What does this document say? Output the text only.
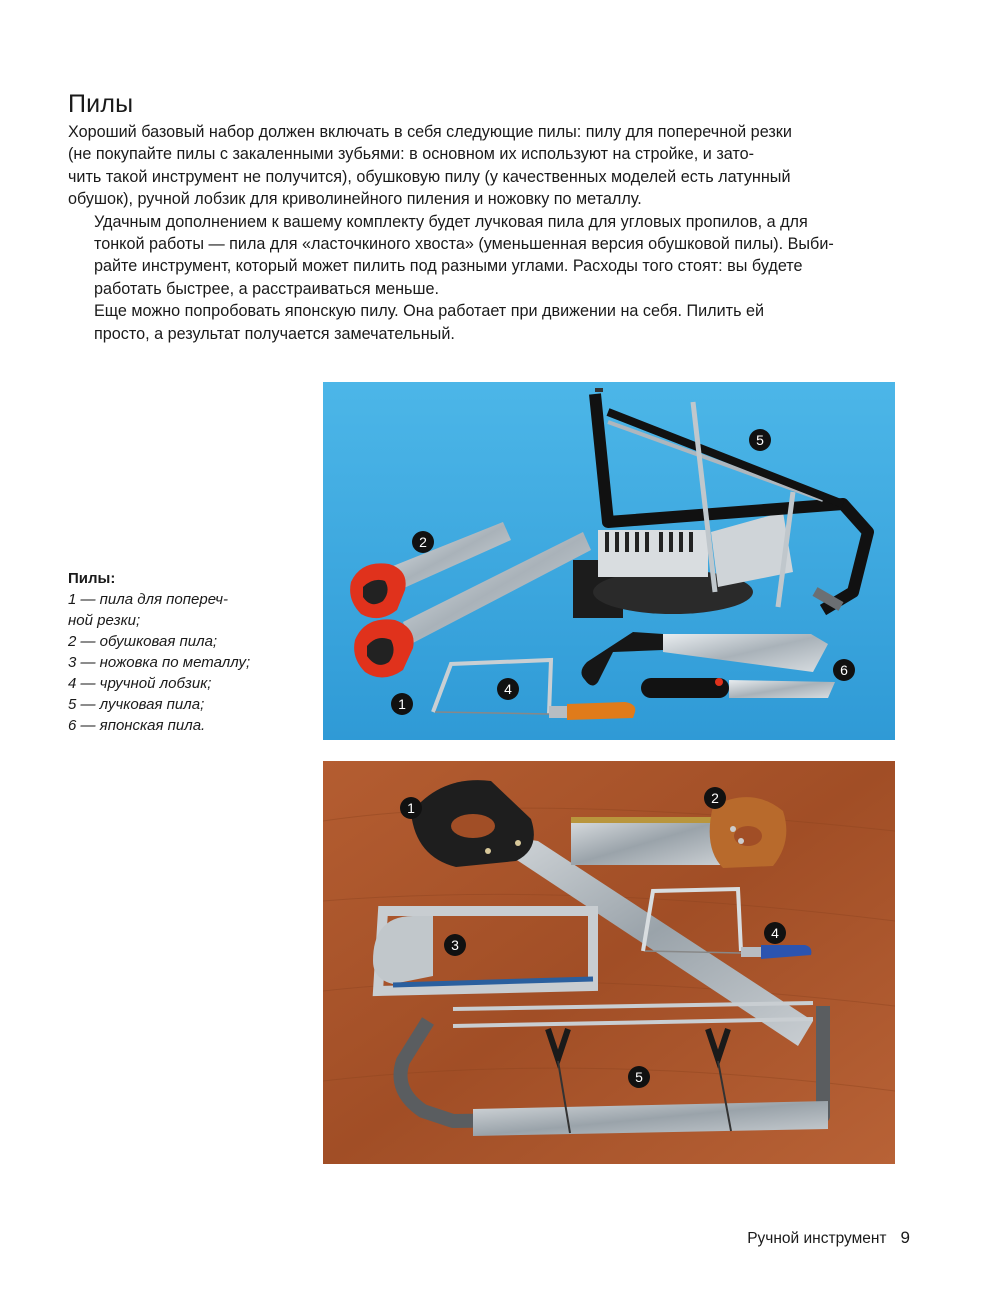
Пилы

Хороший базовый набор должен включать в себя следующие пилы: пилу для поперечной резки
(не покупайте пилы с закаленными зубьями: в основном их используют на стройке, и зато-
чить такой инструмент не получится), обушковую пилу (у качественных моделей есть латунный
обушок), ручной лобзик для криволинейного пиления и ножовку по металлу.

Удачным дополнением к вашему комплекту будет лучковая пила для угловых пропилов, а для
тонкой работы — пила для «ласточкиного хвоста» (уменьшенная версия обушковой пилы). Выби-
райте инструмент, который может пилить под разными углами. Расходы того стоят: вы будете
работать быстрее, а расстраиваться меньше.

Еще можно попробовать японскую пилу. Она работает при движении на себя. Пилить ей
просто, а результат получается замечательный.

Пилы:
1 — пила для попереч-
ной резки;
2 — обушковая пила;
3 — ножовка по металлу;
4 — чручной лобзик;
5 — лучковая пила;
6 — японская пила.
1
2
4
5
6
1
2
3
4
5
Ручной инструмент 9
